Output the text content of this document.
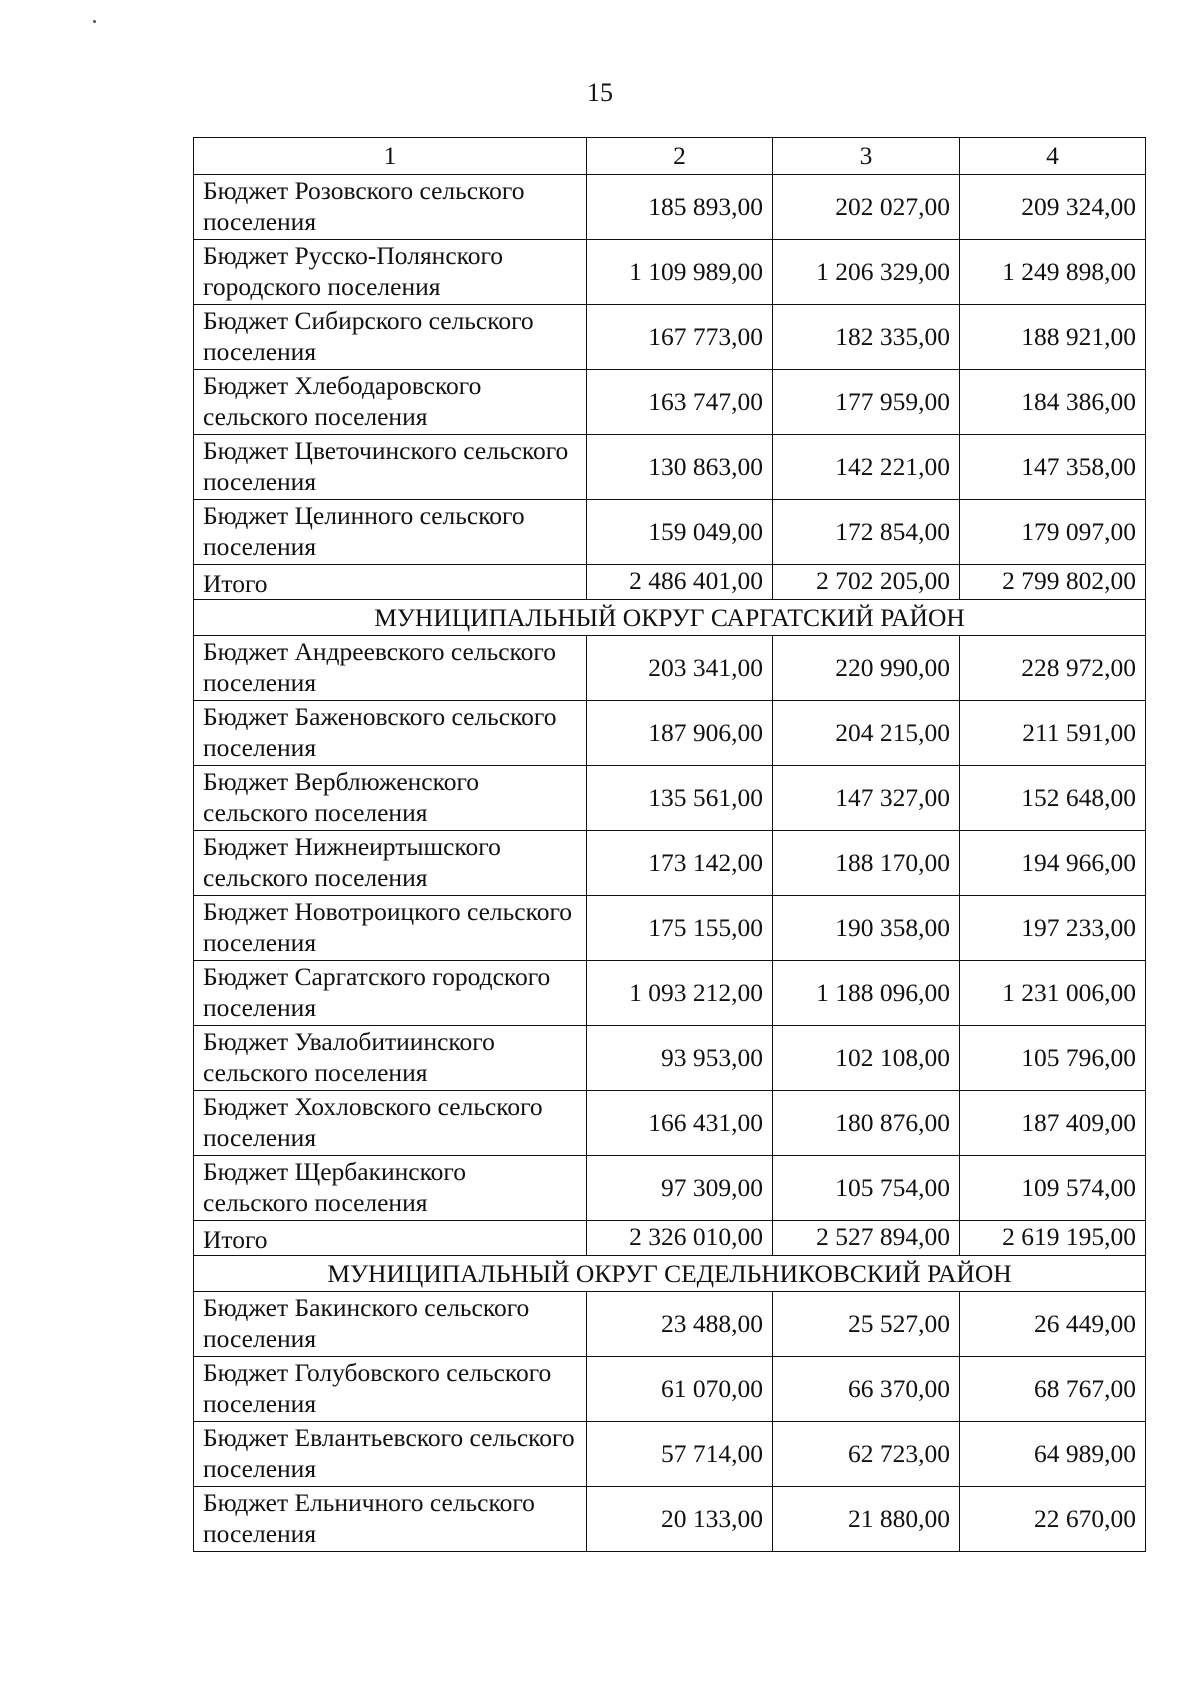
15
1	2	3	4
Бюджет Розовского сельского поселения	185 893,00	202 027,00	209 324,00
Бюджет Русско-Полянского городского поселения	1 109 989,00	1 206 329,00	1 249 898,00
Бюджет Сибирского сельского поселения	167 773,00	182 335,00	188 921,00
Бюджет Хлебодаровского сельского поселения	163 747,00	177 959,00	184 386,00
Бюджет Цветочинского сельского поселения	130 863,00	142 221,00	147 358,00
Бюджет Целинного сельского поселения	159 049,00	172 854,00	179 097,00
Итого	2 486 401,00	2 702 205,00	2 799 802,00
МУНИЦИПАЛЬНЫЙ ОКРУГ САРГАТСКИЙ РАЙОН			
Бюджет Андреевского сельского поселения	203 341,00	220 990,00	228 972,00
Бюджет Баженовского сельского поселения	187 906,00	204 215,00	211 591,00
Бюджет Верблюженского сельского поселения	135 561,00	147 327,00	152 648,00
Бюджет Нижнеиртышского сельского поселения	173 142,00	188 170,00	194 966,00
Бюджет Новотроицкого сельского поселения	175 155,00	190 358,00	197 233,00
Бюджет Саргатского городского поселения	1 093 212,00	1 188 096,00	1 231 006,00
Бюджет Увалобитиинского сельского поселения	93 953,00	102 108,00	105 796,00
Бюджет Хохловского сельского поселения	166 431,00	180 876,00	187 409,00
Бюджет Щербакинского сельского поселения	97 309,00	105 754,00	109 574,00
Итого	2 326 010,00	2 527 894,00	2 619 195,00
МУНИЦИПАЛЬНЫЙ ОКРУГ СЕДЕЛЬНИКОВСКИЙ РАЙОН			
Бюджет Бакинского сельского поселения	23 488,00	25 527,00	26 449,00
Бюджет Голубовского сельского поселения	61 070,00	66 370,00	68 767,00
Бюджет Евлантьевского сельского поселения	57 714,00	62 723,00	64 989,00
Бюджет Ельничного сельского поселения	20 133,00	21 880,00	22 670,00
